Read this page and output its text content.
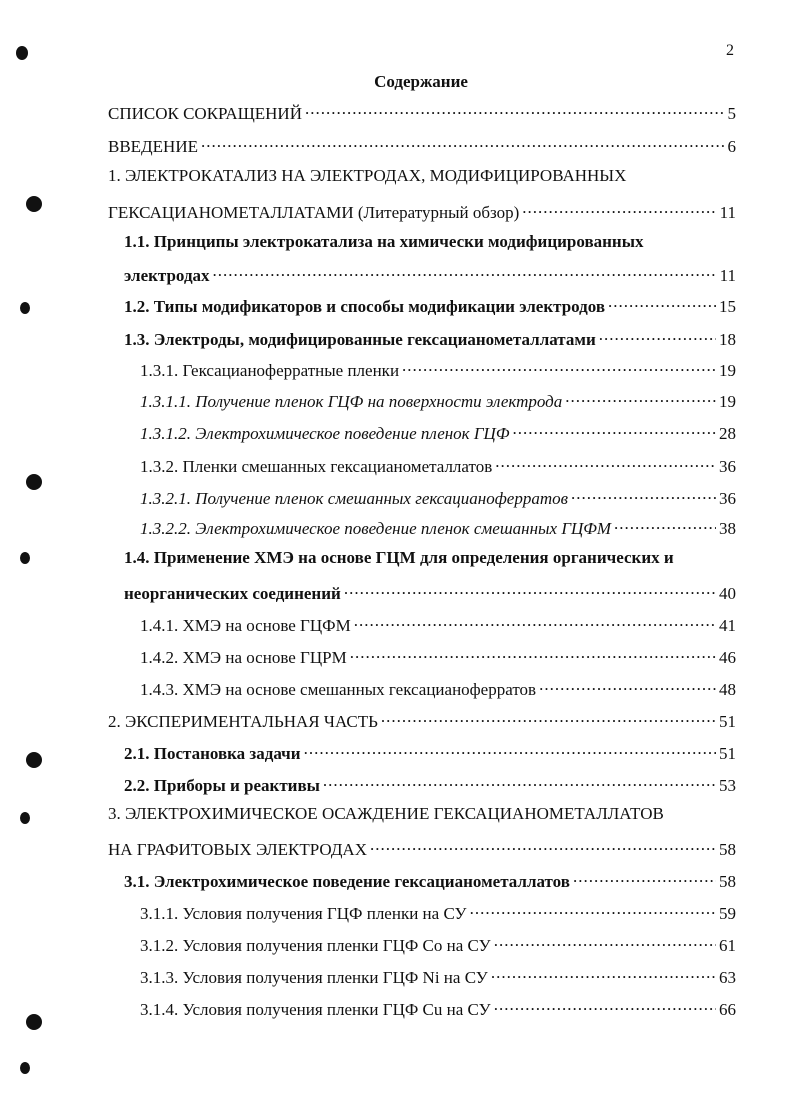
2
Содержание
СПИСОК СОКРАЩЕНИЙ .....	5
ВВЕДЕНИЕ .....	6
1. ЭЛЕКТРОКАТАЛИЗ НА ЭЛЕКТРОДАХ, МОДИФИЦИРОВАННЫХ
ГЕКСАЦИАНОМЕТАЛЛАТАМИ (Литературный обзор) .....	11
1.1. Принципы электрокатализа на химически модифицированных
электродах .....	11
1.2. Типы модификаторов и способы модификации электродов .....	15
1.3. Электроды, модифицированные гексацианометаллатами .....	18
1.3.1. Гексацианоферратные пленки .....	19
1.3.1.1. Получение пленок ГЦФ на поверхности электрода .....	19
1.3.1.2. Электрохимическое поведение пленок ГЦФ .....	28
1.3.2. Пленки смешанных гексацианометаллатов .....	36
1.3.2.1. Получение пленок смешанных гексацианоферратов .....	36
1.3.2.2. Электрохимическое поведение пленок смешанных ГЦФМ .....	38
1.4. Применение ХМЭ на основе ГЦМ для определения органических и
неорганических соединений .....	40
1.4.1. ХМЭ на основе ГЦФМ .....	41
1.4.2. ХМЭ на основе ГЦРМ .....	46
1.4.3. ХМЭ на основе смешанных гексацианоферратов .....	48
2. ЭКСПЕРИМЕНТАЛЬНАЯ ЧАСТЬ .....	51
2.1. Постановка задачи .....	51
2.2. Приборы и реактивы .....	53
3. ЭЛЕКТРОХИМИЧЕСКОЕ ОСАЖДЕНИЕ ГЕКСАЦИАНОМЕТАЛЛАТОВ
НА ГРАФИТОВЫХ ЭЛЕКТРОДАХ .....	58
3.1. Электрохимическое поведение гексацианометаллатов .....	58
3.1.1. Условия получения ГЦФ пленки на СУ .....	59
3.1.2. Условия получения пленки ГЦФ Co на СУ .....	61
3.1.3. Условия получения пленки ГЦФ Ni на СУ .....	63
3.1.4. Условия получения пленки ГЦФ Cu на СУ .....	66
